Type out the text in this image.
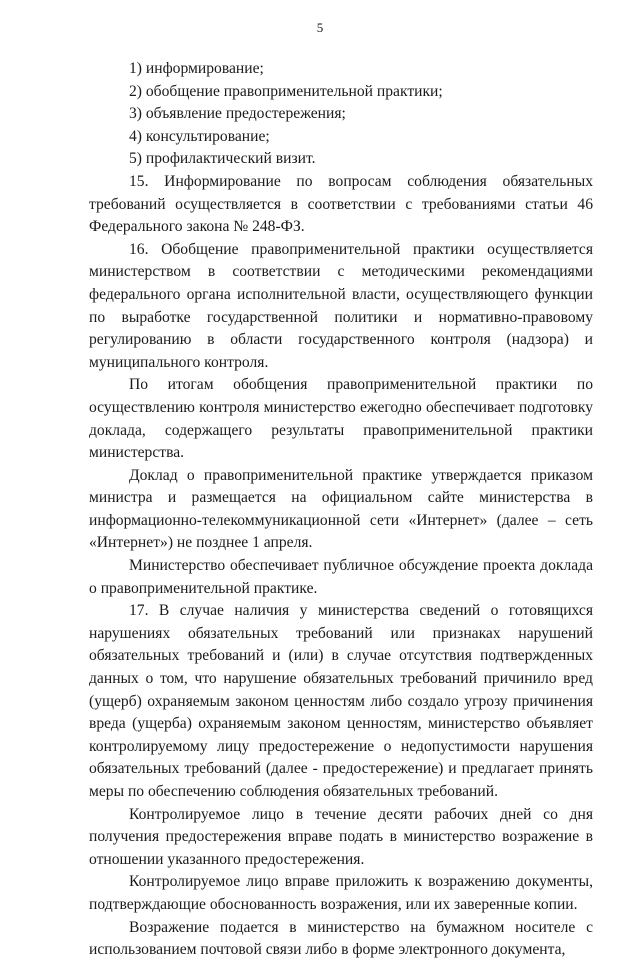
5
1) информирование;
2) обобщение правоприменительной практики;
3) объявление предостережения;
4) консультирование;
5) профилактический визит.

15. Информирование по вопросам соблюдения обязательных требований осуществляется в соответствии с требованиями статьи 46 Федерального закона № 248-ФЗ.

16. Обобщение правоприменительной практики осуществляется министерством в соответствии с методическими рекомендациями федерального органа исполнительной власти, осуществляющего функции по выработке государственной политики и нормативно-правовому регулированию в области государственного контроля (надзора) и муниципального контроля.

По итогам обобщения правоприменительной практики по осуществлению контроля министерство ежегодно обеспечивает подготовку доклада, содержащего результаты правоприменительной практики министерства.

Доклад о правоприменительной практике утверждается приказом министра и размещается на официальном сайте министерства в информационно-телекоммуникационной сети «Интернет» (далее – сеть «Интернет») не позднее 1 апреля.

Министерство обеспечивает публичное обсуждение проекта доклада о правоприменительной практике.

17. В случае наличия у министерства сведений о готовящихся нарушениях обязательных требований или признаках нарушений обязательных требований и (или) в случае отсутствия подтвержденных данных о том, что нарушение обязательных требований причинило вред (ущерб) охраняемым законом ценностям либо создало угрозу причинения вреда (ущерба) охраняемым законом ценностям, министерство объявляет контролируемому лицу предостережение о недопустимости нарушения обязательных требований (далее - предостережение) и предлагает принять меры по обеспечению соблюдения обязательных требований.

Контролируемое лицо в течение десяти рабочих дней со дня получения предостережения вправе подать в министерство возражение в отношении указанного предостережения.

Контролируемое лицо вправе приложить к возражению документы, подтверждающие обоснованность возражения, или их заверенные копии.

Возражение подается в министерство на бумажном носителе с использованием почтовой связи либо в форме электронного документа,
